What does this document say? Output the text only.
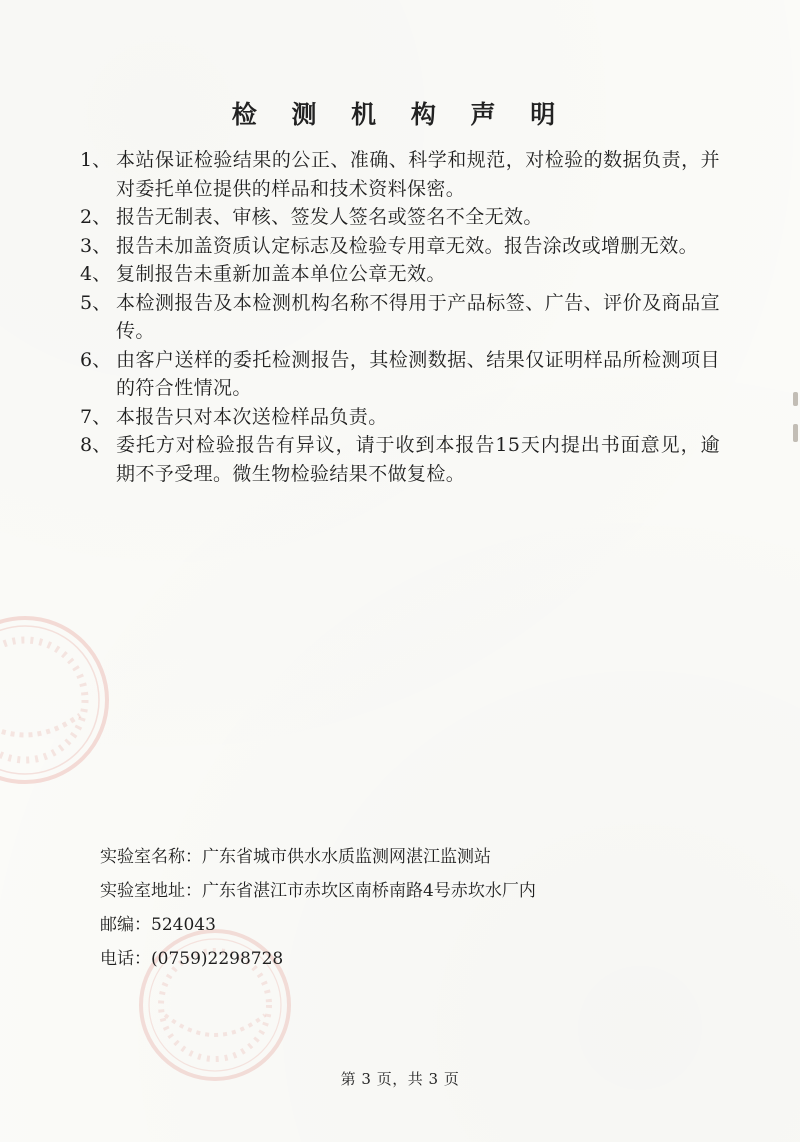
检 测 机 构 声 明
1、 本站保证检验结果的公正、准确、科学和规范，对检验的数据负责，并对委托单位提供的样品和技术资料保密。
2、 报告无制表、审核、签发人签名或签名不全无效。
3、 报告未加盖资质认定标志及检验专用章无效。报告涂改或增删无效。
4、 复制报告未重新加盖本单位公章无效。
5、 本检测报告及本检测机构名称不得用于产品标签、广告、评价及商品宣传。
6、 由客户送样的委托检测报告，其检测数据、结果仅证明样品所检测项目的符合性情况。
7、 本报告只对本次送检样品负责。
8、 委托方对检验报告有异议，请于收到本报告15天内提出书面意见，逾期不予受理。微生物检验结果不做复检。
实验室名称：广东省城市供水水质监测网湛江监测站
实验室地址：广东省湛江市赤坎区南桥南路4号赤坎水厂内
邮编：524043
电话：(0759)2298728
第 3 页，共 3 页
